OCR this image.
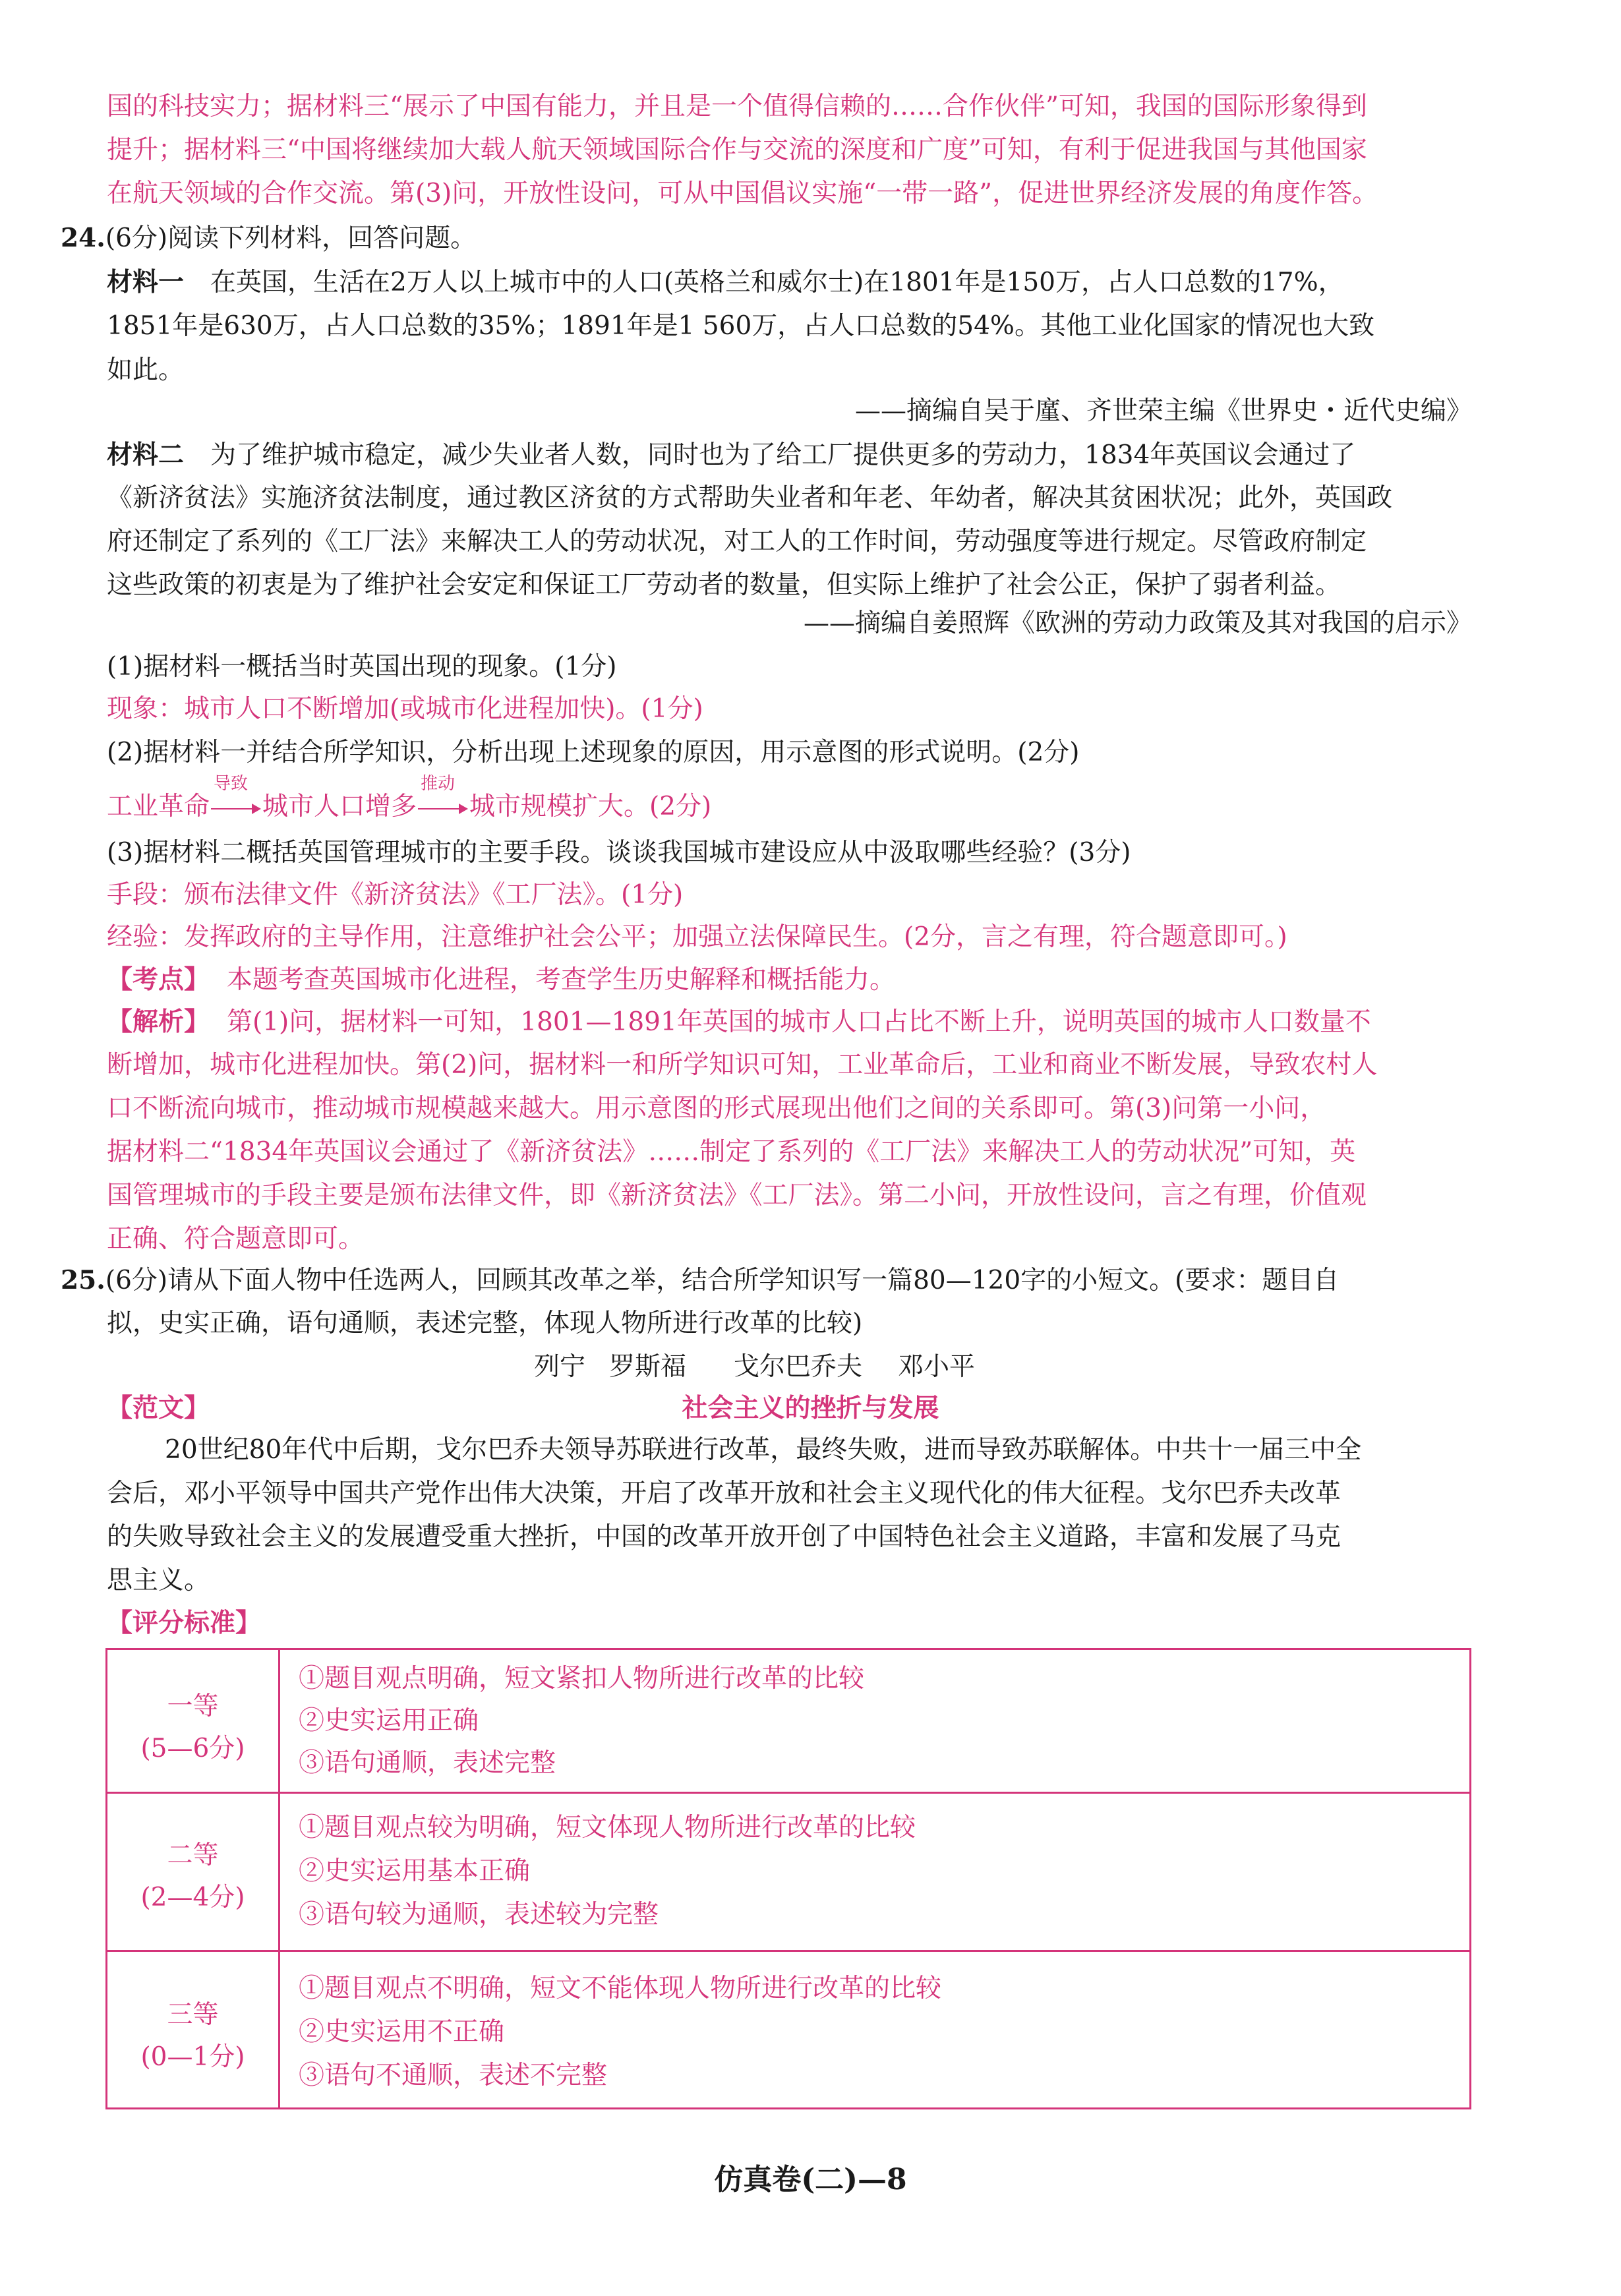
国的科技实力；据材料三“展示了中国有能力，并且是一个值得信赖的……合作伙伴”可知，我国的国际形象得到
提升；据材料三“中国将继续加大载人航天领域国际合作与交流的深度和广度”可知，有利于促进我国与其他国家
在航天领域的合作交流。第(3)问，开放性设问，可从中国倡议实施“一带一路”，促进世界经济发展的角度作答。
24.(6分)阅读下列材料，回答问题。
材料一 在英国，生活在2万人以上城市中的人口(英格兰和威尔士)在1801年是150万，占人口总数的17%，
1851年是630万，占人口总数的35%；1891年是1 560万，占人口总数的54%。其他工业化国家的情况也大致
如此。
——摘编自吴于廑、齐世荣主编《世界史・近代史编》
材料二 为了维护城市稳定，减少失业者人数，同时也为了给工厂提供更多的劳动力，1834年英国议会通过了
《新济贫法》实施济贫法制度，通过教区济贫的方式帮助失业者和年老、年幼者，解决其贫困状况；此外，英国政
府还制定了系列的《工厂法》来解决工人的劳动状况，对工人的工作时间，劳动强度等进行规定。尽管政府制定
这些政策的初衷是为了维护社会安定和保证工厂劳动者的数量，但实际上维护了社会公正，保护了弱者利益。
——摘编自姜照辉《欧洲的劳动力政策及其对我国的启示》
(1)据材料一概括当时英国出现的现象。(1分)
现象：城市人口不断增加(或城市化进程加快)。(1分)
(2)据材料一并结合所学知识，分析出现上述现象的原因，用示意图的形式说明。(2分)
工业革命
导致
城市人口增多
推动
城市规模扩大。(2分)
(3)据材料二概括英国管理城市的主要手段。谈谈我国城市建设应从中汲取哪些经验？(3分)
手段：颁布法律文件《新济贫法》《工厂法》。(1分)
经验：发挥政府的主导作用，注意维护社会公平；加强立法保障民生。(2分，言之有理，符合题意即可。)
【考点】 本题考查英国城市化进程，考查学生历史解释和概括能力。
【解析】 第(1)问，据材料一可知，1801—1891年英国的城市人口占比不断上升，说明英国的城市人口数量不
断增加，城市化进程加快。第(2)问，据材料一和所学知识可知，工业革命后，工业和商业不断发展，导致农村人
口不断流向城市，推动城市规模越来越大。用示意图的形式展现出他们之间的关系即可。第(3)问第一小问，
据材料二“1834年英国议会通过了《新济贫法》……制定了系列的《工厂法》来解决工人的劳动状况”可知，英
国管理城市的手段主要是颁布法律文件，即《新济贫法》《工厂法》。第二小问，开放性设问，言之有理，价值观
正确、符合题意即可。
25.(6分)请从下面人物中任选两人，回顾其改革之举，结合所学知识写一篇80—120字的小短文。(要求：题目自
拟，史实正确，语句通顺，表述完整，体现人物所进行改革的比较)
列宁 罗斯福 戈尔巴乔夫 邓小平
【范文】	社会主义的挫折与发展
20世纪80年代中后期，戈尔巴乔夫领导苏联进行改革，最终失败，进而导致苏联解体。中共十一届三中全
会后，邓小平领导中国共产党作出伟大决策，开启了改革开放和社会主义现代化的伟大征程。戈尔巴乔夫改革
的失败导致社会主义的发展遭受重大挫折，中国的改革开放开创了中国特色社会主义道路，丰富和发展了马克
思主义。
【评分标准】
一等
(5—6分)
①题目观点明确，短文紧扣人物所进行改革的比较
②史实运用正确
③语句通顺，表述完整
二等
(2—4分)
①题目观点较为明确，短文体现人物所进行改革的比较
②史实运用基本正确
③语句较为通顺，表述较为完整
三等
(0—1分)
①题目观点不明确，短文不能体现人物所进行改革的比较
②史实运用不正确
③语句不通顺，表述不完整
仿真卷(二)—8
